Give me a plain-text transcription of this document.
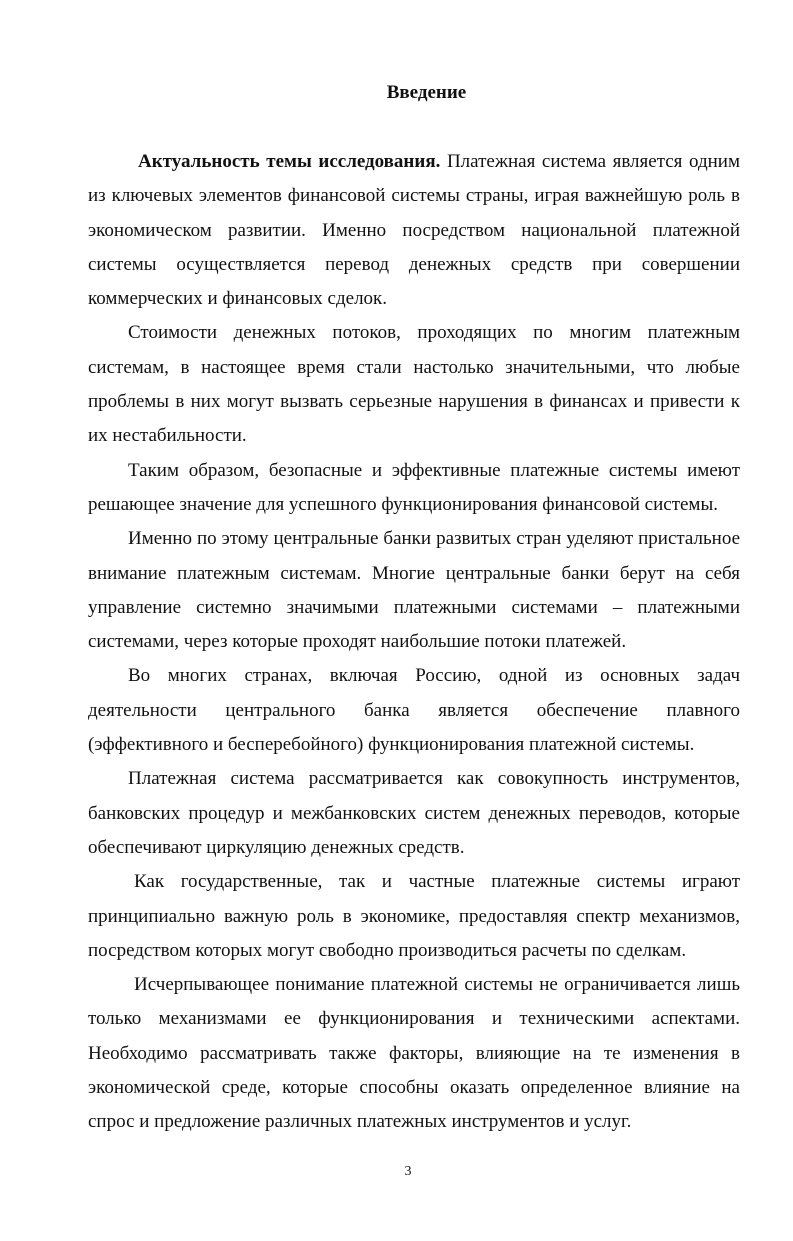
Введение

Актуальность темы исследования. Платежная система является одним из ключевых элементов финансовой системы страны, играя важнейшую роль в экономическом развитии. Именно посредством национальной платежной системы осуществляется перевод денежных средств при совершении коммерческих и финансовых сделок.

Стоимости денежных потоков, проходящих по многим платежным системам, в настоящее время стали настолько значительными, что любые проблемы в них могут вызвать серьезные нарушения в финансах и привести к их нестабильности.

Таким образом, безопасные и эффективные платежные системы имеют решающее значение для успешного функционирования финансовой системы.

Именно по этому центральные банки развитых стран уделяют пристальное внимание платежным системам. Многие центральные банки берут на себя управление системно значимыми платежными системами – платежными системами, через которые проходят наибольшие потоки платежей.

Во многих странах, включая Россию, одной из основных задач деятельности центрального банка является обеспечение плавного (эффективного и бесперебойного) функционирования платежной системы.

Платежная система рассматривается как совокупность инструментов, банковских процедур и межбанковских систем денежных переводов, которые обеспечивают циркуляцию денежных средств.

Как государственные, так и частные платежные системы играют принципиально важную роль в экономике, предоставляя спектр механизмов, посредством которых могут свободно производиться расчеты по сделкам.

Исчерпывающее понимание платежной системы не ограничивается лишь только механизмами ее функционирования и техническими аспектами. Необходимо рассматривать также факторы, влияющие на те изменения в экономической среде, которые способны оказать определенное влияние на спрос и предложение различных платежных инструментов и услуг.

3
